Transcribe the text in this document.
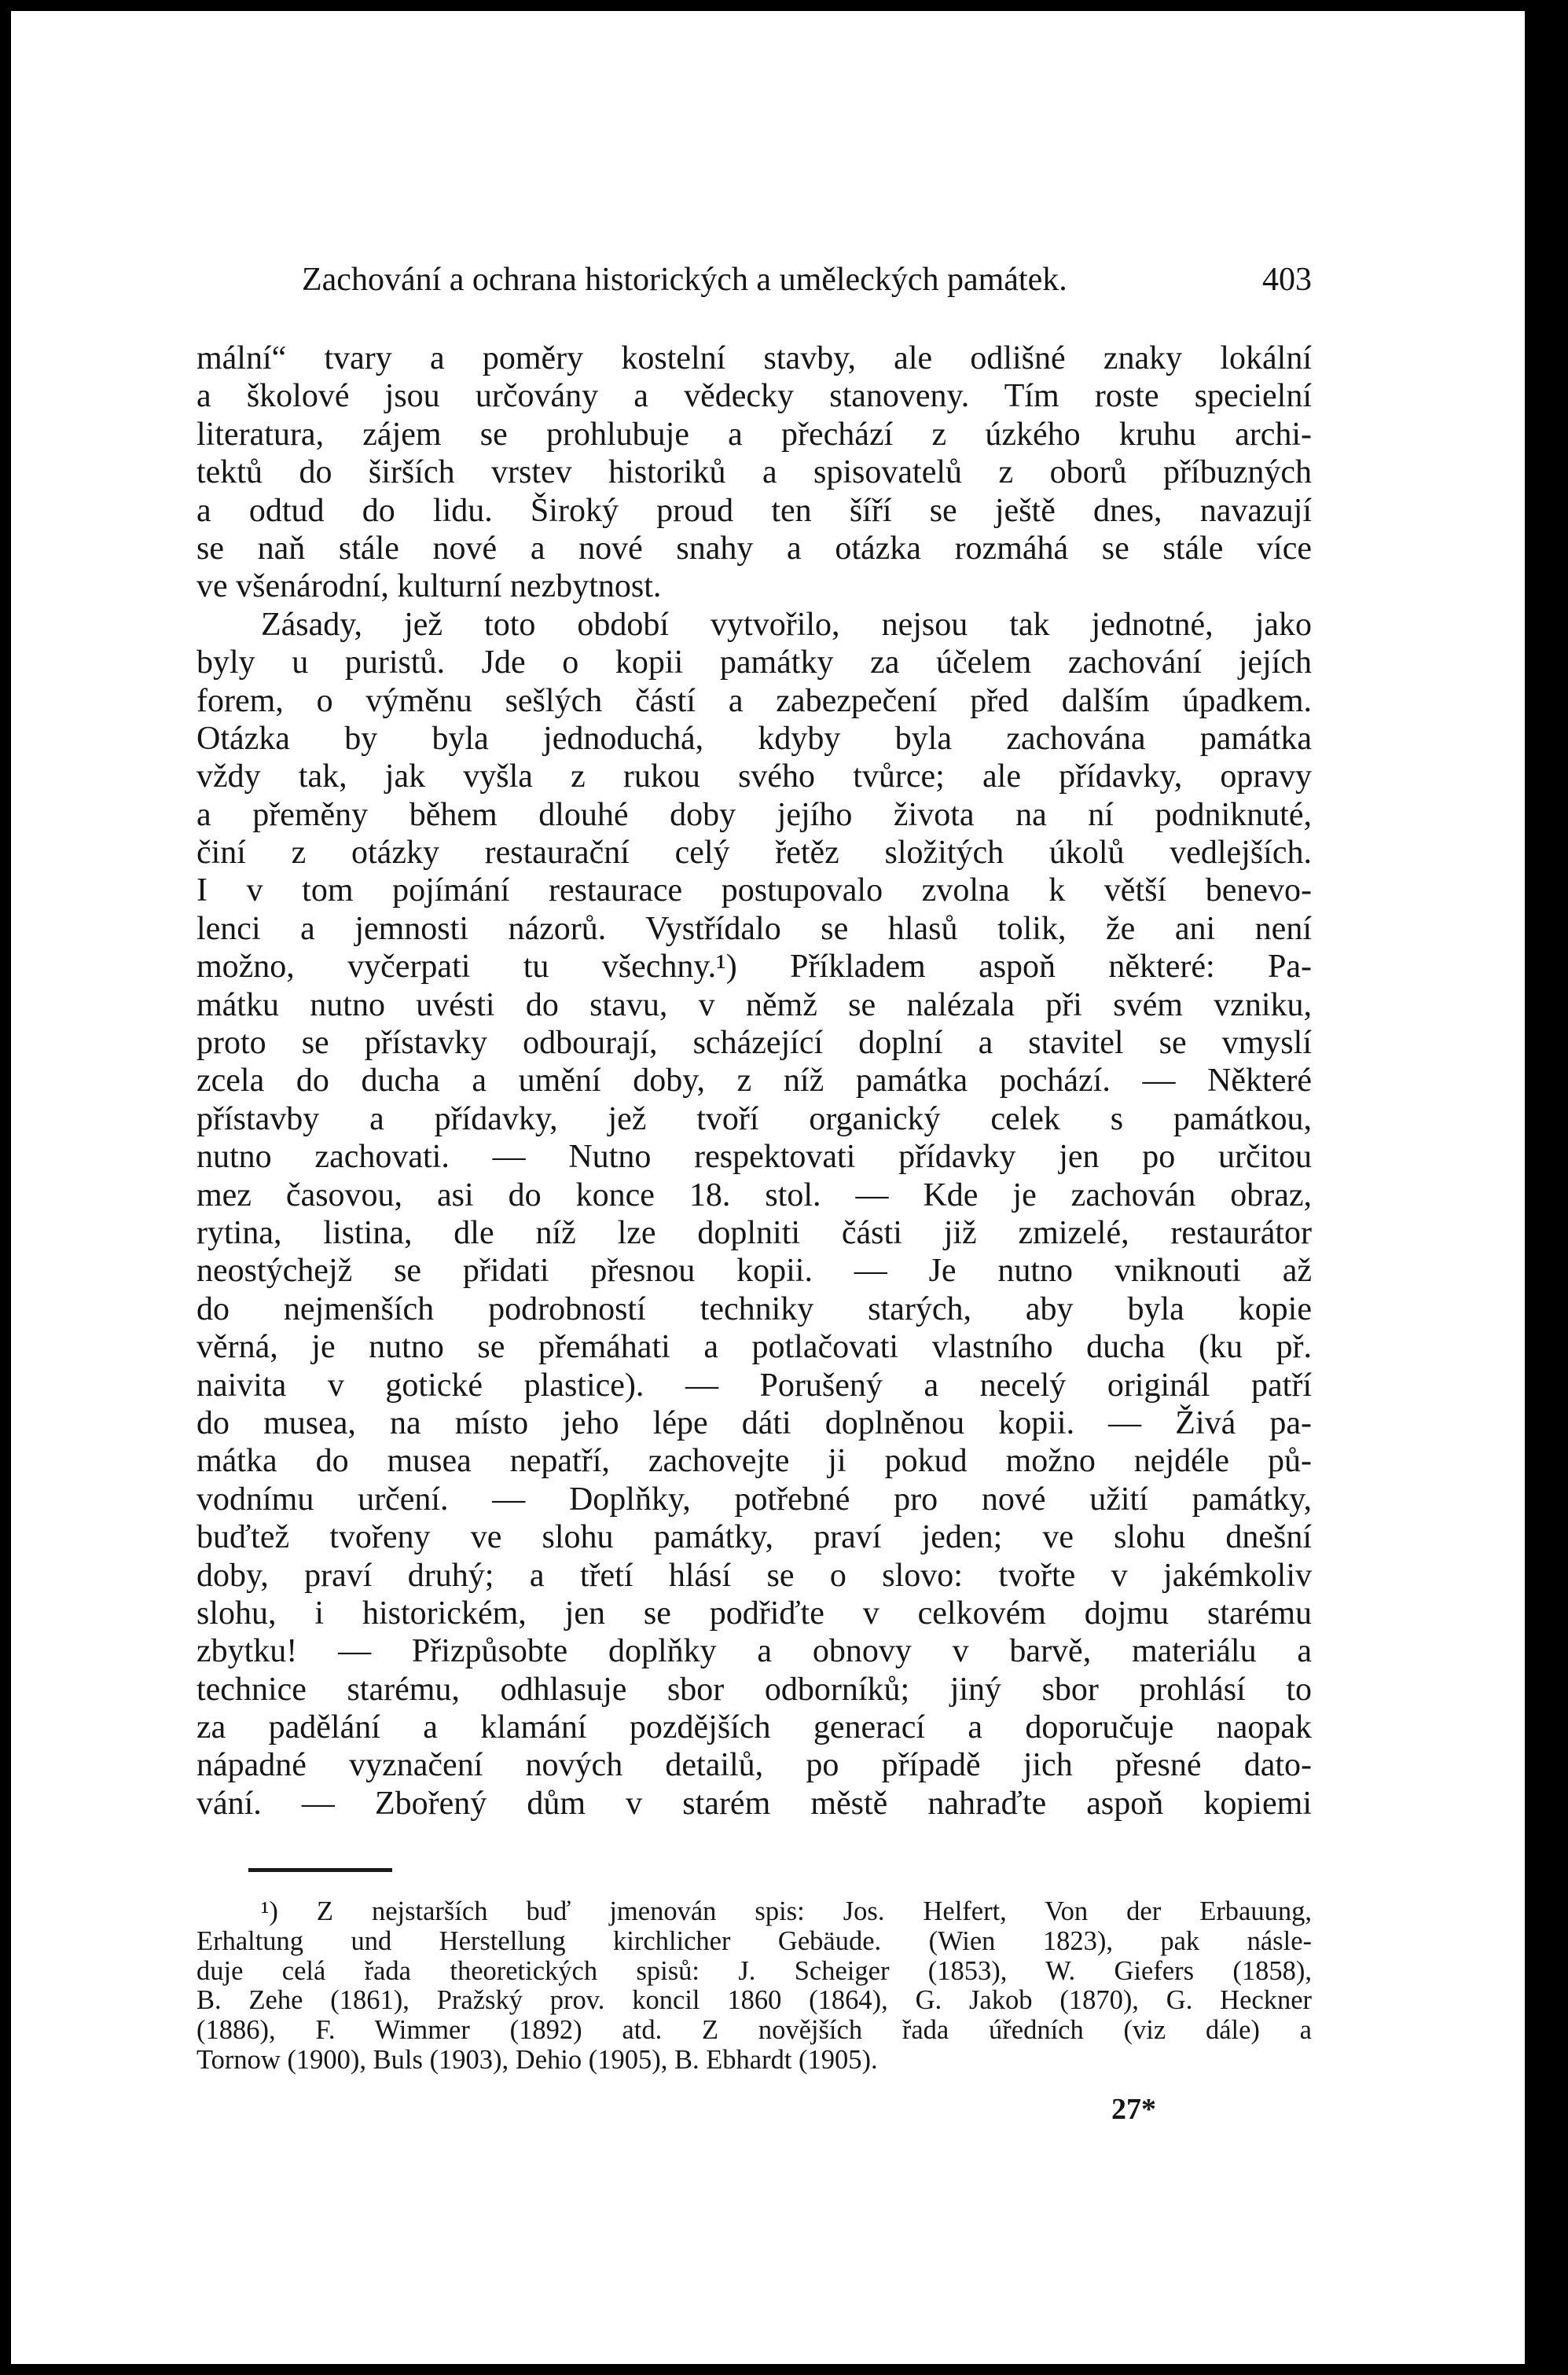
Zachování a ochrana historických a uměleckých památek.	403
mální“ tvary a poměry kostelní stavby, ale odlišné znaky lokální
a školové jsou určovány a vědecky stanoveny. Tím roste specielní
literatura, zájem se prohlubuje a přechází z úzkého kruhu archi-
tektů do širších vrstev historiků a spisovatelů z oborů příbuzných
a odtud do lidu. Široký proud ten šíří se ještě dnes, navazují
se naň stále nové a nové snahy a otázka rozmáhá se stále více
ve všenárodní, kulturní nezbytnost.
Zásady, jež toto období vytvořilo, nejsou tak jednotné, jako
byly u puristů. Jde o kopii památky za účelem zachování jejích
forem, o výměnu sešlých částí a zabezpečení před dalším úpadkem.
Otázka by byla jednoduchá, kdyby byla zachována památka
vždy tak, jak vyšla z rukou svého tvůrce; ale přídavky, opravy
a přeměny během dlouhé doby jejího života na ní podniknuté,
činí z otázky restaurační celý řetěz složitých úkolů vedlejších.
I v tom pojímání restaurace postupovalo zvolna k větší benevo-
lenci a jemnosti názorů. Vystřídalo se hlasů tolik, že ani není
možno, vyčerpati tu všechny.¹) Příkladem aspoň některé: Pa-
mátku nutno uvésti do stavu, v němž se nalézala při svém vzniku,
proto se přístavky odbourají, scházející doplní a stavitel se vmyslí
zcela do ducha a umění doby, z níž památka pochází. — Některé
přístavby a přídavky, jež tvoří organický celek s památkou,
nutno zachovati. — Nutno respektovati přídavky jen po určitou
mez časovou, asi do konce 18. stol. — Kde je zachován obraz,
rytina, listina, dle níž lze doplniti části již zmizelé, restaurátor
neostýchejž se přidati přesnou kopii. — Je nutno vniknouti až
do nejmenších podrobností techniky starých, aby byla kopie
věrná, je nutno se přemáhati a potlačovati vlastního ducha (ku př.
naivita v gotické plastice). — Porušený a necelý originál patří
do musea, na místo jeho lépe dáti doplněnou kopii. — Živá pa-
mátka do musea nepatří, zachovejte ji pokud možno nejdéle pů-
vodnímu určení. — Doplňky, potřebné pro nové užití památky,
buďtež tvořeny ve slohu památky, praví jeden; ve slohu dnešní
doby, praví druhý; a třetí hlásí se o slovo: tvořte v jakémkoliv
slohu, i historickém, jen se podřiďte v celkovém dojmu starému
zbytku! — Přizpůsobte doplňky a obnovy v barvě, materiálu a
technice starému, odhlasuje sbor odborníků; jiný sbor prohlásí to
za padělání a klamání pozdějších generací a doporučuje naopak
nápadné vyznačení nových detailů, po případě jich přesné dato-
vání. — Zbořený dům v starém městě nahraďte aspoň kopiemi
¹) Z nejstarších buď jmenován spis: Jos. Helfert, Von der Erbauung,
Erhaltung und Herstellung kirchlicher Gebäude. (Wien 1823), pak násle-
duje celá řada theoretických spisů: J. Scheiger (1853), W. Giefers (1858),
B. Zehe (1861), Pražský prov. koncil 1860 (1864), G. Jakob (1870), G. Heckner
(1886), F. Wimmer (1892) atd. Z novějších řada úředních (viz dále) a
Tornow (1900), Buls (1903), Dehio (1905), B. Ebhardt (1905).
27*
